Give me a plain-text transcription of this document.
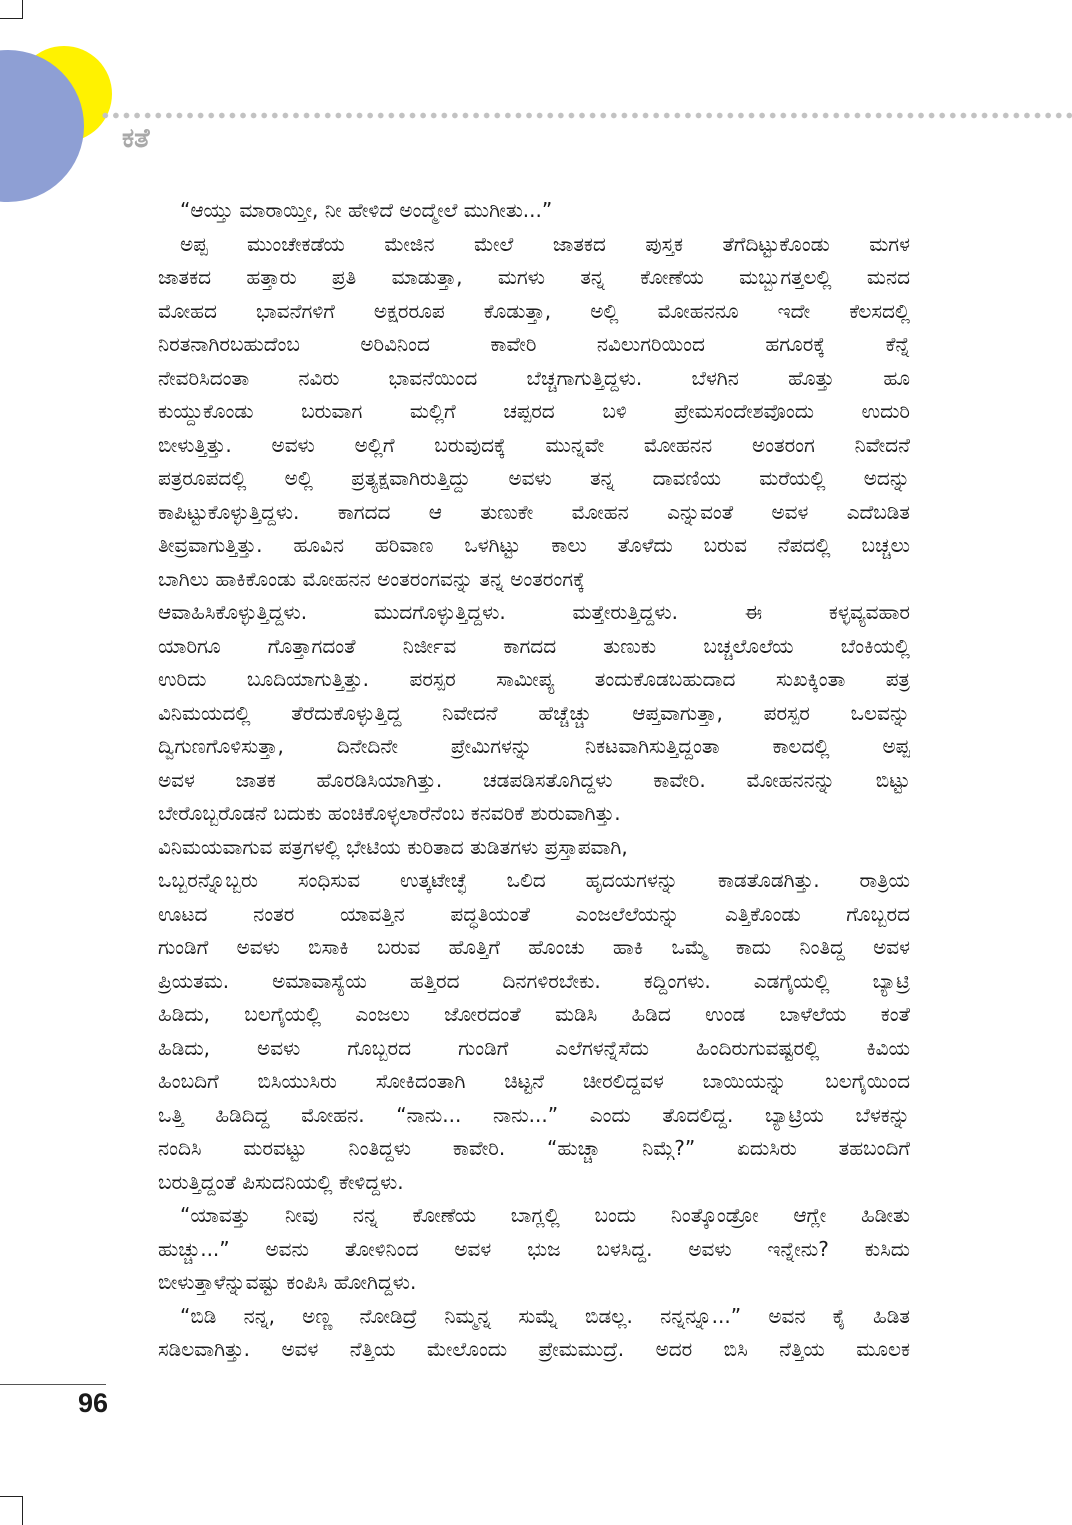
ಕತೆ
“ಆಯ್ತು ಮಾರಾಯ್ತೀ, ನೀ ಹೇಳಿದೆ ಅಂದ್ಮೇಲೆ ಮುಗೀತು...”
ಅಪ್ಪ ಮುಂಚೇಕಡೆಯ ಮೇಜಿನ ಮೇಲೆ ಜಾತಕದ ಪುಸ್ತಕ ತೆಗೆದಿಟ್ಟುಕೊಂಡು ಮಗಳ
ಜಾತಕದ ಹತ್ತಾರು ಪ್ರತಿ ಮಾಡುತ್ತಾ, ಮಗಳು ತನ್ನ ಕೋಣೆಯ ಮಬ್ಬುಗತ್ತಲಲ್ಲಿ ಮನದ
ಮೋಹದ ಭಾವನೆಗಳಿಗೆ ಅಕ್ಷರರೂಪ ಕೊಡುತ್ತಾ, ಅಲ್ಲಿ ಮೋಹನನೂ ಇದೇ ಕೆಲಸದಲ್ಲಿ
ನಿರತನಾಗಿರಬಹುದೆಂಬ ಅರಿವಿನಿಂದ ಕಾವೇರಿ ನವಿಲುಗರಿಯಿಂದ ಹಗೂರಕ್ಕೆ ಕೆನ್ನೆ
ನೇವರಿಸಿದಂತಾ ನವಿರು ಭಾವನೆಯಿಂದ ಬೆಚ್ಚಗಾಗುತ್ತಿದ್ದಳು. ಬೆಳಗಿನ ಹೊತ್ತು ಹೂ
ಕುಯ್ದುಕೊಂಡು ಬರುವಾಗ ಮಲ್ಲಿಗೆ ಚಪ್ಪರದ ಬಳಿ ಪ್ರೇಮಸಂದೇಶವೊಂದು ಉದುರಿ
ಬೀಳುತ್ತಿತ್ತು. ಅವಳು ಅಲ್ಲಿಗೆ ಬರುವುದಕ್ಕೆ ಮುನ್ನವೇ ಮೋಹನನ ಅಂತರಂಗ ನಿವೇದನೆ
ಪತ್ರರೂಪದಲ್ಲಿ ಅಲ್ಲಿ ಪ್ರತ್ಯಕ್ಷವಾಗಿರುತ್ತಿದ್ದು ಅವಳು ತನ್ನ ದಾವಣಿಯ ಮರೆಯಲ್ಲಿ ಅದನ್ನು
ಕಾಪಿಟ್ಟುಕೊಳ್ಳುತ್ತಿದ್ದಳು. ಕಾಗದದ ಆ ತುಣುಕೇ ಮೋಹನ ಎನ್ನುವಂತೆ ಅವಳ ಎದೆಬಡಿತ
ತೀವ್ರವಾಗುತ್ತಿತ್ತು. ಹೂವಿನ ಹರಿವಾಣ ಒಳಗಿಟ್ಟು ಕಾಲು ತೊಳೆದು ಬರುವ ನೆಪದಲ್ಲಿ ಬಚ್ಚಲು
ಬಾಗಿಲು ಹಾಕಿಕೊಂಡು ಮೋಹನನ ಅಂತರಂಗವನ್ನು ತನ್ನ ಅಂತರಂಗಕ್ಕೆ
ಆವಾಹಿಸಿಕೊಳ್ಳುತ್ತಿದ್ದಳು. ಮುದಗೊಳ್ಳುತ್ತಿದ್ದಳು. ಮತ್ತೇರುತ್ತಿದ್ದಳು. ಈ ಕಳ್ಳವ್ಯವಹಾರ
ಯಾರಿಗೂ ಗೊತ್ತಾಗದಂತೆ ನಿರ್ಜೀವ ಕಾಗದದ ತುಣುಕು ಬಚ್ಚಲೊಲೆಯ ಬೆಂಕಿಯಲ್ಲಿ
ಉರಿದು ಬೂದಿಯಾಗುತ್ತಿತ್ತು. ಪರಸ್ಪರ ಸಾಮೀಪ್ಯ ತಂದುಕೊಡಬಹುದಾದ ಸುಖಕ್ಕಿಂತಾ ಪತ್ರ
ವಿನಿಮಯದಲ್ಲಿ ತೆರೆದುಕೊಳ್ಳುತ್ತಿದ್ದ ನಿವೇದನೆ ಹೆಚ್ಚೆಚ್ಚು ಆಪ್ತವಾಗುತ್ತಾ, ಪರಸ್ಪರ ಒಲವನ್ನು
ದ್ವಿಗುಣಗೊಳಿಸುತ್ತಾ, ದಿನೇದಿನೇ ಪ್ರೇಮಿಗಳನ್ನು ನಿಕಟವಾಗಿಸುತ್ತಿದ್ದಂತಾ ಕಾಲದಲ್ಲಿ ಅಪ್ಪ
ಅವಳ ಜಾತಕ ಹೊರಡಿಸಿಯಾಗಿತ್ತು. ಚಡಪಡಿಸತೊಗಿದ್ದಳು ಕಾವೇರಿ. ಮೋಹನನನ್ನು ಬಿಟ್ಟು
ಬೇರೊಬ್ಬರೊಡನೆ ಬದುಕು ಹಂಚಿಕೊಳ್ಳಲಾರೆನೆಂಬ ಕನವರಿಕೆ ಶುರುವಾಗಿತ್ತು.
ವಿನಿಮಯವಾಗುವ ಪತ್ರಗಳಲ್ಲಿ ಭೇಟಿಯ ಕುರಿತಾದ ತುಡಿತಗಳು ಪ್ರಸ್ತಾಪವಾಗಿ,
ಒಬ್ಬರನ್ನೊಬ್ಬರು ಸಂಧಿಸುವ ಉತ್ಕಟೇಚ್ಛೆ ಒಲಿದ ಹೃದಯಗಳನ್ನು ಕಾಡತೊಡಗಿತ್ತು. ರಾತ್ರಿಯ
ಊಟದ ನಂತರ ಯಾವತ್ತಿನ ಪದ್ಧತಿಯಂತೆ ಎಂಜಲೆಲೆಯನ್ನು ಎತ್ತಿಕೊಂಡು ಗೊಬ್ಬರದ
ಗುಂಡಿಗೆ ಅವಳು ಬಿಸಾಕಿ ಬರುವ ಹೊತ್ತಿಗೆ ಹೊಂಚು ಹಾಕಿ ಒಮ್ಮೆ ಕಾದು ನಿಂತಿದ್ದ ಅವಳ
ಪ್ರಿಯತಮ. ಅಮಾವಾಸ್ಯೆಯ ಹತ್ತಿರದ ದಿನಗಳಿರಬೇಕು. ಕದ್ದಿಂಗಳು. ಎಡಗೈಯಲ್ಲಿ ಬ್ಯಾಟ್ರಿ
ಹಿಡಿದು, ಬಲಗೈಯಲ್ಲಿ ಎಂಜಲು ಜೋರದಂತೆ ಮಡಿಸಿ ಹಿಡಿದ ಉಂಡ ಬಾಳೆಲೆಯ ಕಂತೆ
ಹಿಡಿದು, ಅವಳು ಗೊಬ್ಬರದ ಗುಂಡಿಗೆ ಎಲೆಗಳನ್ನೆಸೆದು ಹಿಂದಿರುಗುವಷ್ಟರಲ್ಲಿ ಕಿವಿಯ
ಹಿಂಬದಿಗೆ ಬಿಸಿಯುಸಿರು ಸೋಕಿದಂತಾಗಿ ಚಿಟ್ಟನೆ ಚೀರಲಿದ್ದವಳ ಬಾಯಿಯನ್ನು ಬಲಗೈಯಿಂದ
ಒತ್ತಿ ಹಿಡಿದಿದ್ದ ಮೋಹನ. “ನಾನು... ನಾನು...” ಎಂದು ತೊದಲಿದ್ದ. ಬ್ಯಾಟ್ರಿಯ ಬೆಳಕನ್ನು
ನಂದಿಸಿ ಮರವಟ್ಟು ನಿಂತಿದ್ದಳು ಕಾವೇರಿ. “ಹುಚ್ಚಾ ನಿಮ್ಗೆ?” ಏದುಸಿರು ತಹಬಂದಿಗೆ
ಬರುತ್ತಿದ್ದಂತೆ ಪಿಸುದನಿಯಲ್ಲಿ ಕೇಳಿದ್ದಳು.
“ಯಾವತ್ತು ನೀವು ನನ್ನ ಕೋಣೆಯ ಬಾಗ್ಲಲ್ಲಿ ಬಂದು ನಿಂತ್ಕೊಂಡ್ರೋ ಆಗ್ಲೇ ಹಿಡೀತು
ಹುಚ್ಚು...” ಅವನು ತೋಳಿನಿಂದ ಅವಳ ಭುಜ ಬಳಸಿದ್ದ. ಅವಳು ಇನ್ನೇನು? ಕುಸಿದು
ಬೀಳುತ್ತಾಳೆನ್ನುವಷ್ಟು ಕಂಪಿಸಿ ಹೋಗಿದ್ದಳು.
“ಬಿಡಿ ನನ್ನ, ಅಣ್ಣ ನೋಡಿದ್ರೆ ನಿಮ್ಮನ್ನ ಸುಮ್ನೆ ಬಿಡಲ್ಲ. ನನ್ನನ್ನೂ...” ಅವನ ಕೈ ಹಿಡಿತ
ಸಡಿಲವಾಗಿತ್ತು. ಅವಳ ನೆತ್ತಿಯ ಮೇಲೊಂದು ಪ್ರೇಮಮುದ್ರೆ. ಅದರ ಬಿಸಿ ನೆತ್ತಿಯ ಮೂಲಕ
96
